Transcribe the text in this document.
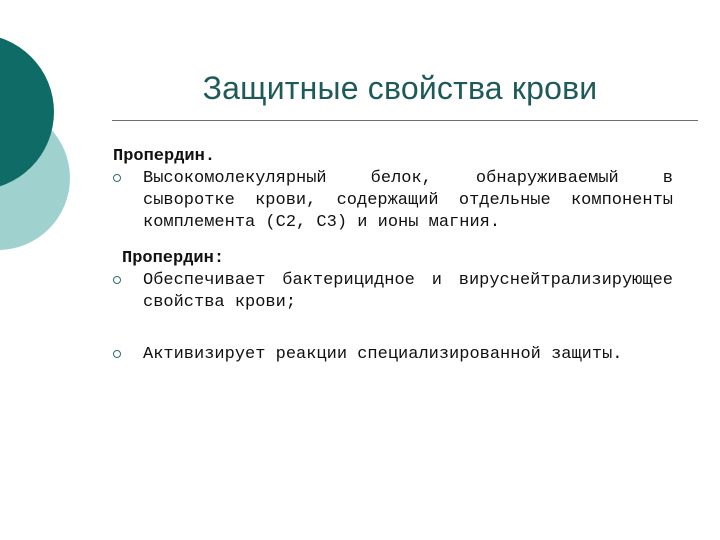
Защитные свойства крови

Пропердин.

Высокомолекулярный белок, обнаруживаемый в сыворотке крови, содержащий отдельные компоненты комплемента (С2, С3) и ионы магния.

Пропердин:

Обеспечивает бактерицидное и вируснейтрализирующее свойства крови;

Активизирует реакции специализированной защиты.
